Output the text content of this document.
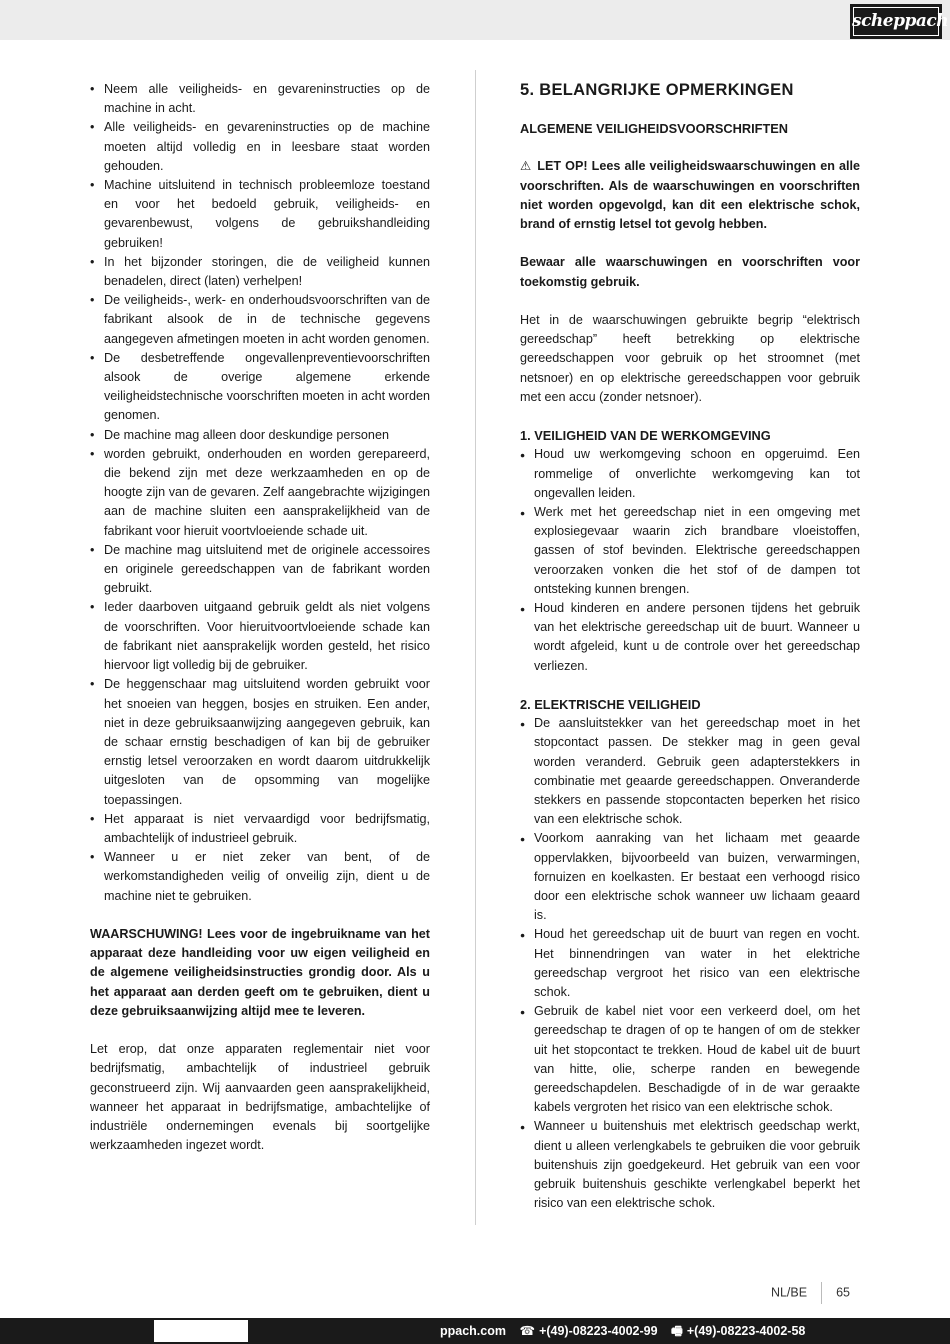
scheppach
• Neem alle veiligheids- en gevareninstructies op de machine in acht.
• Alle veiligheids- en gevareninstructies op de machine moeten altijd volledig en in leesbare staat worden gehouden.
• Machine uitsluitend in technisch probleemloze toestand en voor het bedoeld gebruik, veiligheids- en gevarenbewust, volgens de gebruikshandleiding gebruiken!
• In het bijzonder storingen, die de veiligheid kunnen benadelen, direct (laten) verhelpen!
• De veiligheids-, werk- en onderhoudsvoorschriften van de fabrikant alsook de in de technische gegevens aangegeven afmetingen moeten in acht worden genomen.
• De desbetreffende ongevallenpreventievoorschriften alsook de overige algemene erkende veiligheidstechnische voorschriften moeten in acht worden genomen.
• De machine mag alleen door deskundige personen
• worden gebruikt, onderhouden en worden gerepareerd, die bekend zijn met deze werkzaamheden en op de hoogte zijn van de gevaren. Zelf aangebrachte wijzigingen aan de machine sluiten een aansprakelijkheid van de fabrikant voor hieruit voortvloeiende schade uit.
• De machine mag uitsluitend met de originele accessoires en originele gereedschappen van de fabrikant worden gebruikt.
• Ieder daarboven uitgaand gebruik geldt als niet volgens de voorschriften. Voor hieruitvoortvloeiende schade kan de fabrikant niet aansprakelijk worden gesteld, het risico hiervoor ligt volledig bij de gebruiker.
• De heggenschaar mag uitsluitend worden gebruikt voor het snoeien van heggen, bosjes en struiken. Een ander, niet in deze gebruiksaanwijzing aangegeven gebruik, kan de schaar ernstig beschadigen of kan bij de gebruiker ernstig letsel veroorzaken en wordt daarom uitdrukkelijk uitgesloten van de opsomming van mogelijke toepassingen.
• Het apparaat is niet vervaardigd voor bedrijfsmatig, ambachtelijk of industrieel gebruik.
• Wanneer u er niet zeker van bent, of de werkomstandigheden veilig of onveilig zijn, dient u de machine niet te gebruiken.

WAARSCHUWING! Lees voor de ingebruikname van het apparaat deze handleiding voor uw eigen veiligheid en de algemene veiligheidsinstructies grondig door. Als u het apparaat aan derden geeft om te gebruiken, dient u deze gebruiksaanwijzing altijd mee te leveren.

Let erop, dat onze apparaten reglementair niet voor bedrijfsmatig, ambachtelijk of industrieel gebruik geconstrueerd zijn. Wij aanvaarden geen aansprakelijkheid, wanneer het apparaat in bedrijfsmatige, ambachtelijke of industriële ondernemingen evenals bij soortgelijke werkzaamheden ingezet wordt.

5. BELANGRIJKE OPMERKINGEN

ALGEMENE VEILIGHEIDSVOORSCHRIFTEN

⚠ LET OP! Lees alle veiligheidswaarschuwingen en alle voorschriften. Als de waarschuwingen en voorschriften niet worden opgevolgd, kan dit een elektrische schok, brand of ernstig letsel tot gevolg hebben.

Bewaar alle waarschuwingen en voorschriften voor toekomstig gebruik.

Het in de waarschuwingen gebruikte begrip “elektrisch gereedschap” heeft betrekking op elektrische gereedschappen voor gebruik op het stroomnet (met netsnoer) en op elektrische gereedschappen voor gebruik met een accu (zonder netsnoer).

1. VEILIGHEID VAN DE WERKOMGEVING

● Houd uw werkomgeving schoon en opgeruimd. Een rommelige of onverlichte werkomgeving kan tot ongevallen leiden.
● Werk met het gereedschap niet in een omgeving met explosiegevaar waarin zich brandbare vloeistoffen, gassen of stof bevinden. Elektrische gereedschappen veroorzaken vonken die het stof of de dampen tot ontsteking kunnen brengen.
● Houd kinderen en andere personen tijdens het gebruik van het elektrische gereedschap uit de buurt. Wanneer u wordt afgeleid, kunt u de controle over het gereedschap verliezen.

2. ELEKTRISCHE VEILIGHEID

● De aansluitstekker van het gereedschap moet in het stopcontact passen. De stekker mag in geen geval worden veranderd. Gebruik geen adapterstekkers in combinatie met geaarde gereedschappen. Onveranderde stekkers en passende stopcontacten beperken het risico van een elektrische schok.
● Voorkom aanraking van het lichaam met geaarde oppervlakken, bijvoorbeeld van buizen, verwarmingen, fornuizen en koelkasten. Er bestaat een verhoogd risico door een elektrische schok wanneer uw lichaam geaard is.
● Houd het gereedschap uit de buurt van regen en vocht. Het binnendringen van water in het elektriche gereedschap vergroot het risico van een elektrische schok.
● Gebruik de kabel niet voor een verkeerd doel, om het gereedschap te dragen of op te hangen of om de stekker uit het stopcontact te trekken. Houd de kabel uit de buurt van hitte, olie, scherpe randen en bewegende gereedschapdelen. Beschadigde of in de war geraakte kabels vergroten het risico van een elektrische schok.
● Wanneer u buitenshuis met elektrisch geedschap werkt, dient u alleen verlengkabels te gebruiken die voor gebruik buitenshuis zijn goedgekeurd. Het gebruik van een voor gebruik buitenshuis geschikte verlengkabel beperkt het risico van een elektrische schok.
NL/BE 65
ppach.com ☎ +(49)-08223-4002-99 🖷 +(49)-08223-4002-58
